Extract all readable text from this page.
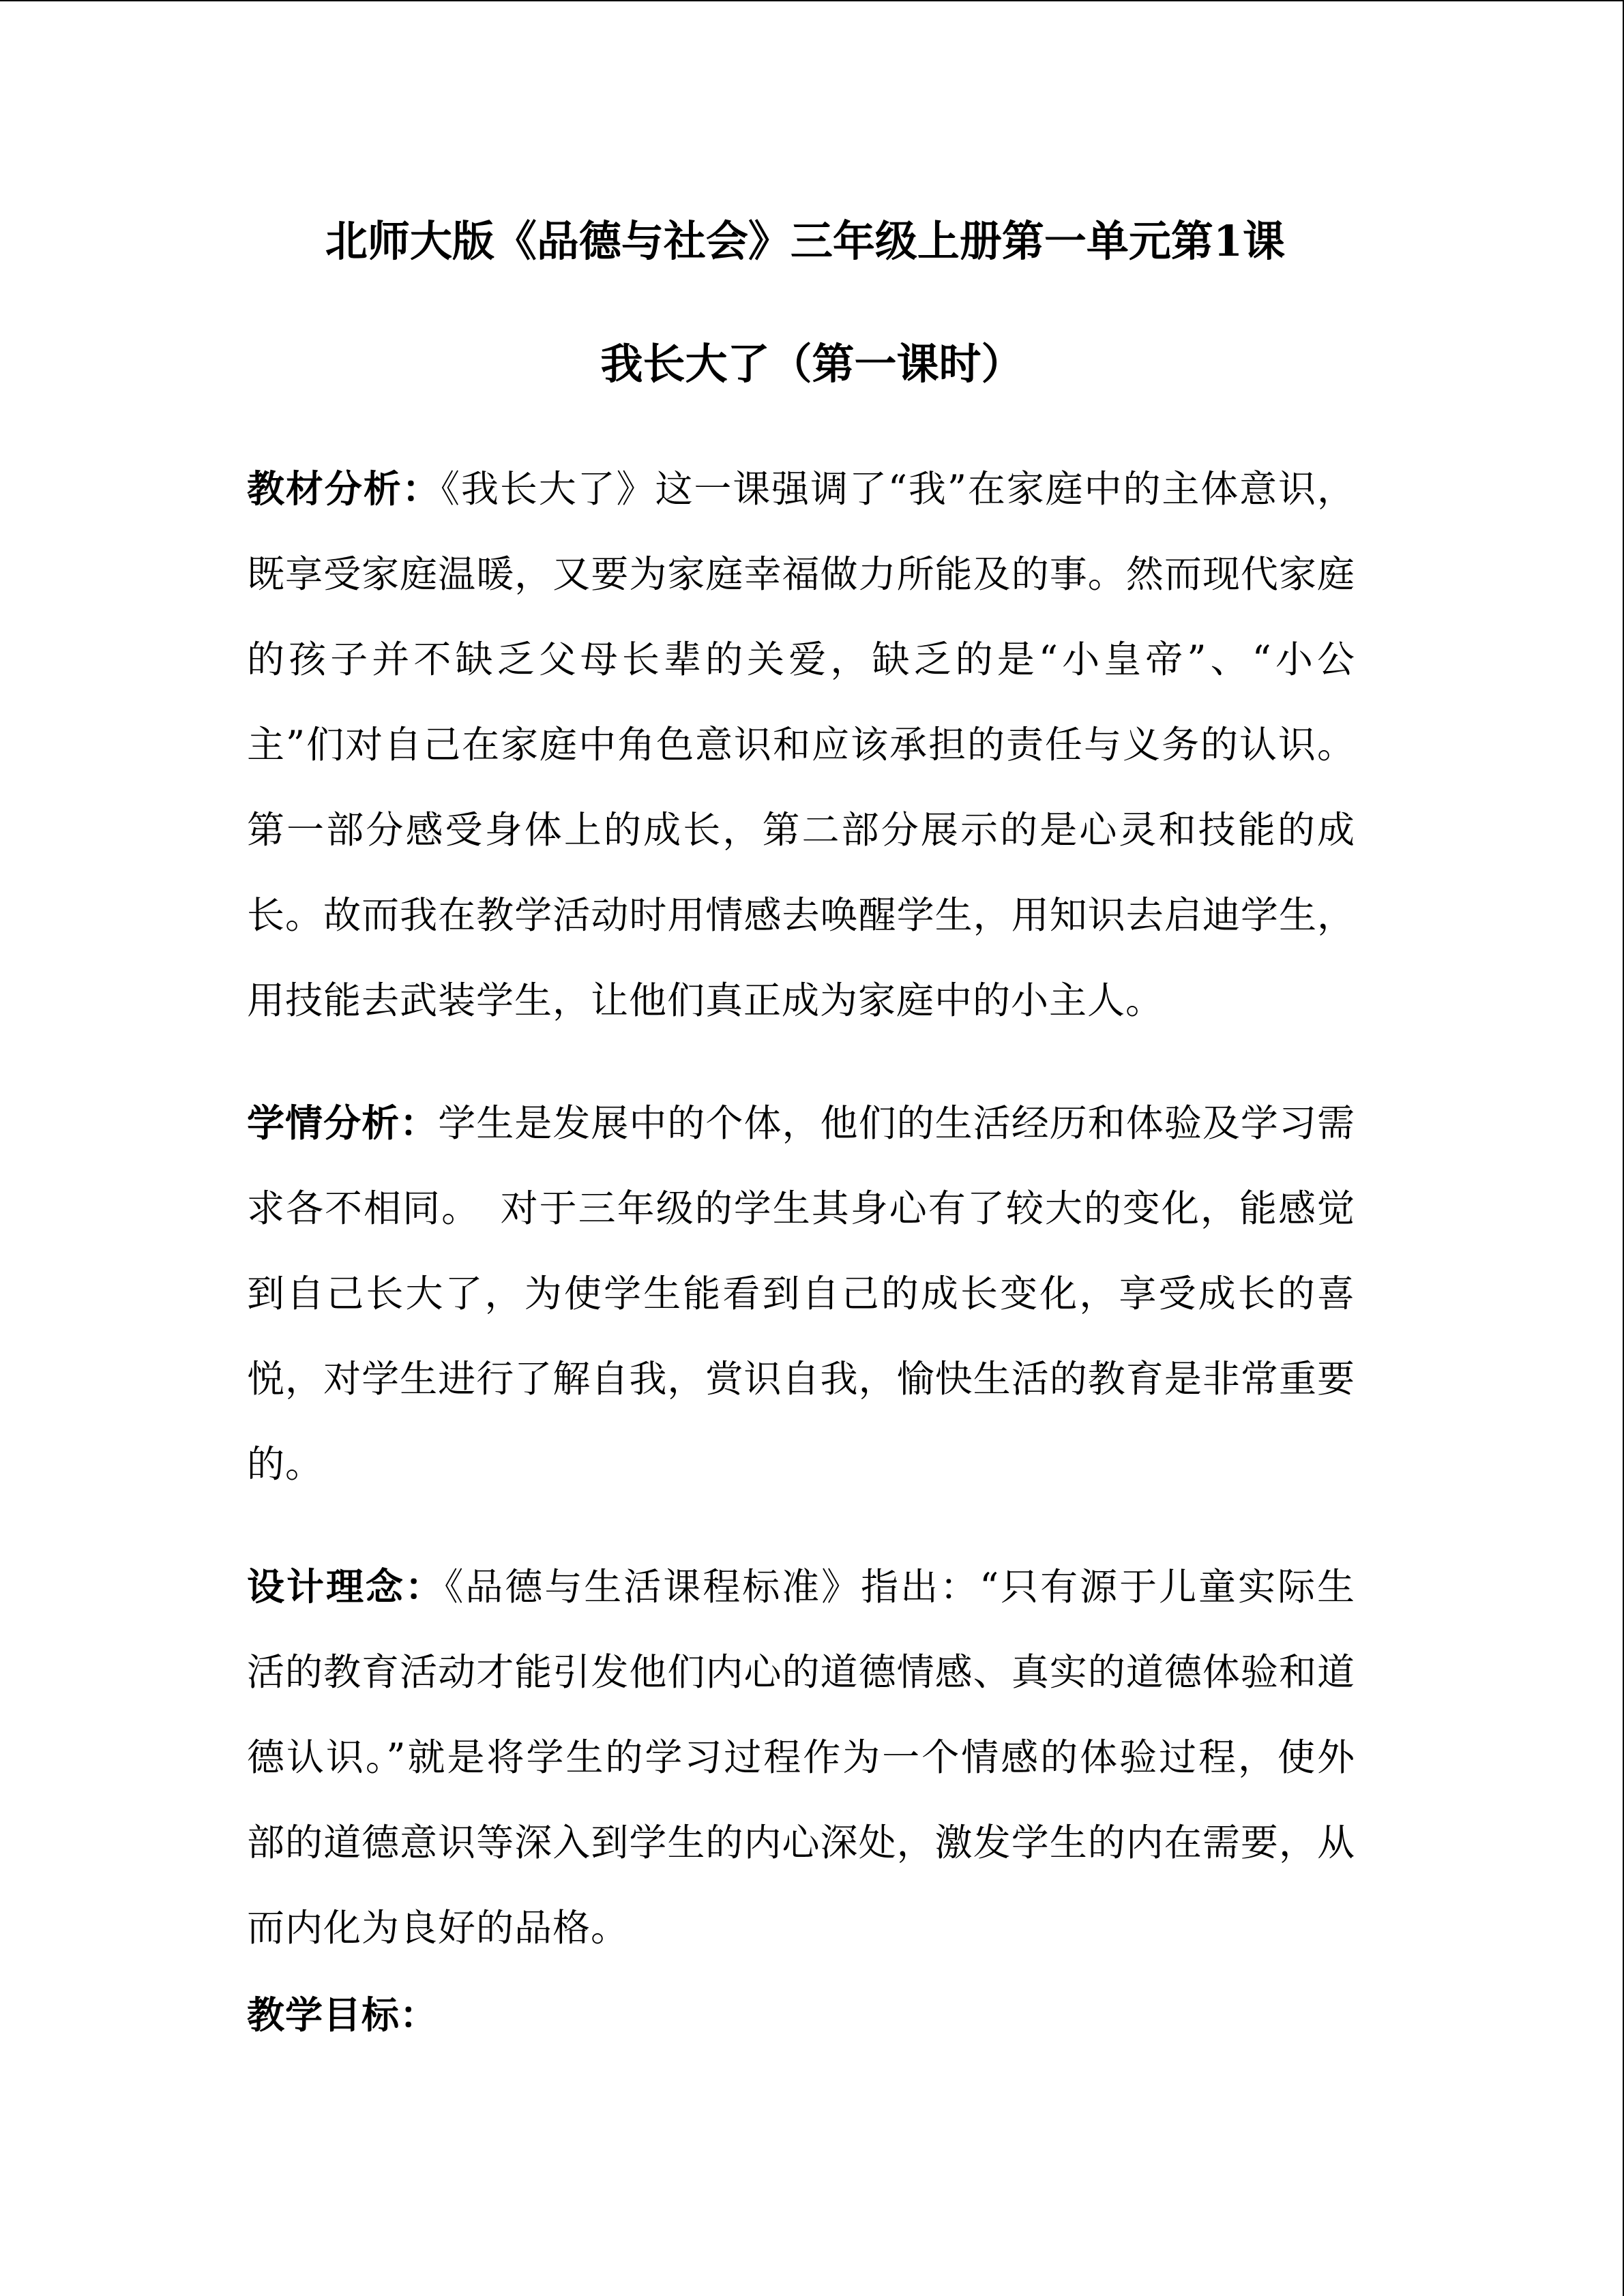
北师大版《品德与社会》三年级上册第一单元第1课
我长大了（第一课时）
教材分析：《我长大了》这一课强调了“我”在家庭中的主体意识，既享受家庭温暖，又要为家庭幸福做力所能及的事。然而现代家庭的孩子并不缺乏父母长辈的关爱，缺乏的是“小皇帝”、“小公主”们对自己在家庭中角色意识和应该承担的责任与义务的认识。第一部分感受身体上的成长，第二部分展示的是心灵和技能的成长。故而我在教学活动时用情感去唤醒学生，用知识去启迪学生，用技能去武装学生，让他们真正成为家庭中的小主人。
学情分析：学生是发展中的个体，他们的生活经历和体验及学习需求各不相同。　对于三年级的学生其身心有了较大的变化，能感觉到自己长大了，为使学生能看到自己的成长变化，享受成长的喜悦，对学生进行了解自我，赏识自我，愉快生活的教育是非常重要的。
设计理念：《品德与生活课程标准》指出：“只有源于儿童实际生活的教育活动才能引发他们内心的道德情感、真实的道德体验和道德认识。”就是将学生的学习过程作为一个情感的体验过程，使外部的道德意识等深入到学生的内心深处，激发学生的内在需要，从而内化为良好的品格。
教学目标：
